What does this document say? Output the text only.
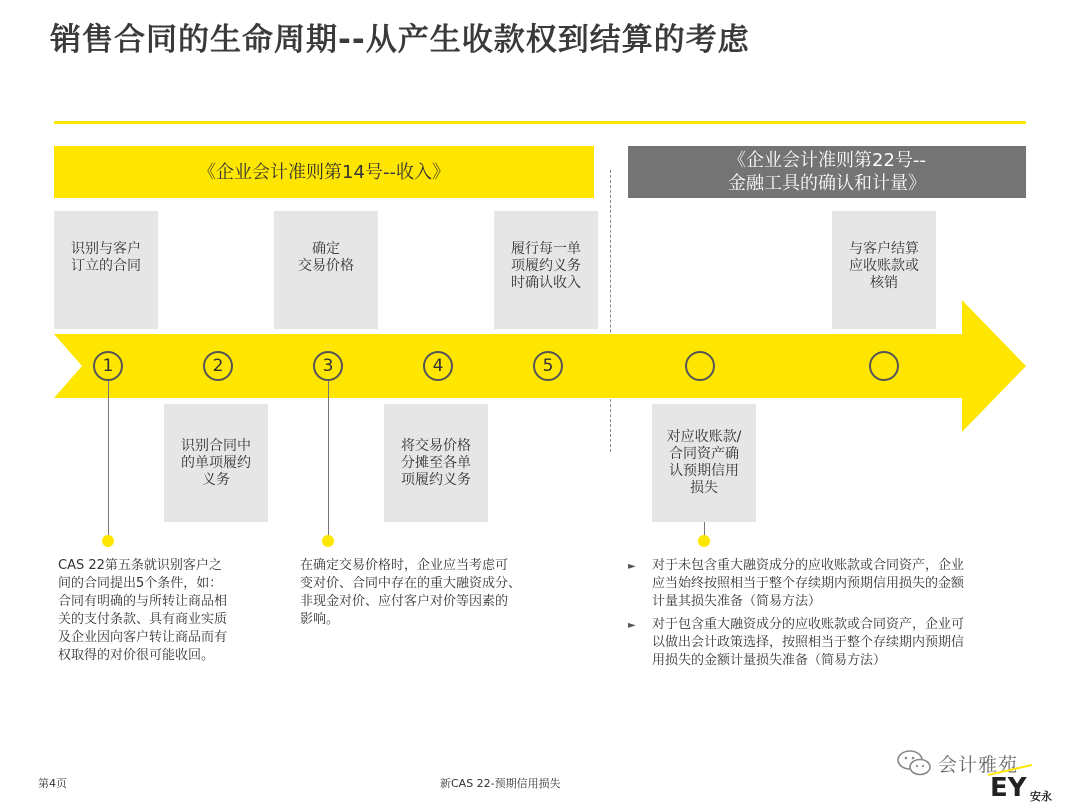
销售合同的生命周期--从产生收款权到结算的考虑
《企业会计准则第14号--收入》
《企业会计准则第22号--
金融工具的确认和计量》
识别与客户
订立的合同
确定
交易价格
履行每一单
项履约义务
时确认收入
与客户结算
应收账款或
核销
识别合同中
的单项履约
义务
将交易价格
分摊至各单
项履约义务
对应收账款/
合同资产确
认预期信用
损失
1	2	3	4	5
CAS 22第五条就识别客户之
间的合同提出5个条件，如：
合同有明确的与所转让商品相
关的支付条款、具有商业实质
及企业因向客户转让商品而有
权取得的对价很可能收回。
在确定交易价格时，企业应当考虑可
变对价、合同中存在的重大融资成分、
非现金对价、应付客户对价等因素的
影响。
► 对于未包含重大融资成分的应收账款或合同资产，企业
应当始终按照相当于整个存续期内预期信用损失的金额
计量其损失准备（简易方法）
► 对于包含重大融资成分的应收账款或合同资产，企业可
以做出会计政策选择，按照相当于整个存续期内预期信
用损失的金额计量损失准备（简易方法）
第4页	新CAS 22-预期信用损失
会计雅苑
EY 安永
